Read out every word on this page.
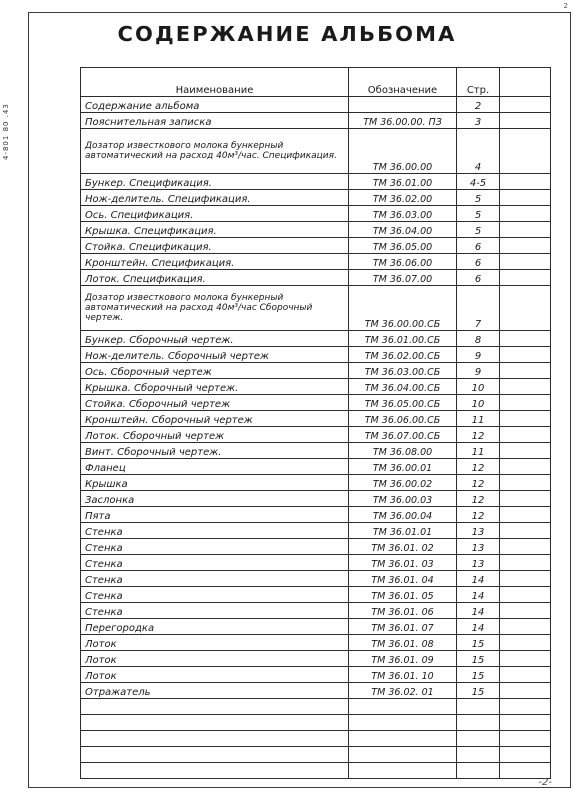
4-801 80 .43
2
СОДЕРЖАНИЕ АЛЬБОМА
Наименование	Обозначение	Стр.	
Содержание альбома		2	
Пояснительная записка	ТМ 36.00.00. ПЗ	3	
Дозатор известкового молока бункерный автоматический на расход 40м³/час. Спецификация.	ТМ 36.00.00	4	
Бункер. Спецификация.	ТМ 36.01.00	4-5	
Нож-делитель. Спецификация.	ТМ 36.02.00	5	
Ось. Спецификация.	ТМ 36.03.00	5	
Крышка. Спецификация.	ТМ 36.04.00	5	
Стойка. Спецификация.	ТМ 36.05.00	6	
Кронштейн. Спецификация.	ТМ 36.06.00	6	
Лоток. Спецификация.	ТМ 36.07.00	6	
Дозатор известкового молока бункерный автоматический на расход 40м³/час Сборочный чертеж.	ТМ 36.00.00.СБ	7	
Бункер. Сборочный чертеж.	ТМ 36.01.00.СБ	8	
Нож-делитель. Сборочный чертеж	ТМ 36.02.00.СБ	9	
Ось. Сборочный чертеж	ТМ 36.03.00.СБ	9	
Крышка. Сборочный чертеж.	ТМ 36.04.00.СБ	10	
Стойка. Сборочный чертеж	ТМ 36.05.00.СБ	10	
Кронштейн. Сборочный чертеж	ТМ 36.06.00.СБ	11	
Лоток. Сборочный чертеж	ТМ 36.07.00.СБ	12	
Винт. Сборочный чертеж.	ТМ 36.08.00	11	
Фланец	ТМ 36.00.01	12	
Крышка	ТМ 36.00.02	12	
Заслонка	ТМ 36.00.03	12	
Пята	ТМ 36.00.04	12	
Стенка	ТМ 36.01.01	13	
Стенка	ТМ 36.01. 02	13	
Стенка	ТМ 36.01. 03	13	
Стенка	ТМ 36.01. 04	14	
Стенка	ТМ 36.01. 05	14	
Стенка	ТМ 36.01. 06	14	
Перегородка	ТМ 36.01. 07	14	
Лоток	ТМ 36.01. 08	15	
Лоток	ТМ 36.01. 09	15	
Лоток	ТМ 36.01. 10	15	
Отражатель	ТМ 36.02. 01	15	

-2-
